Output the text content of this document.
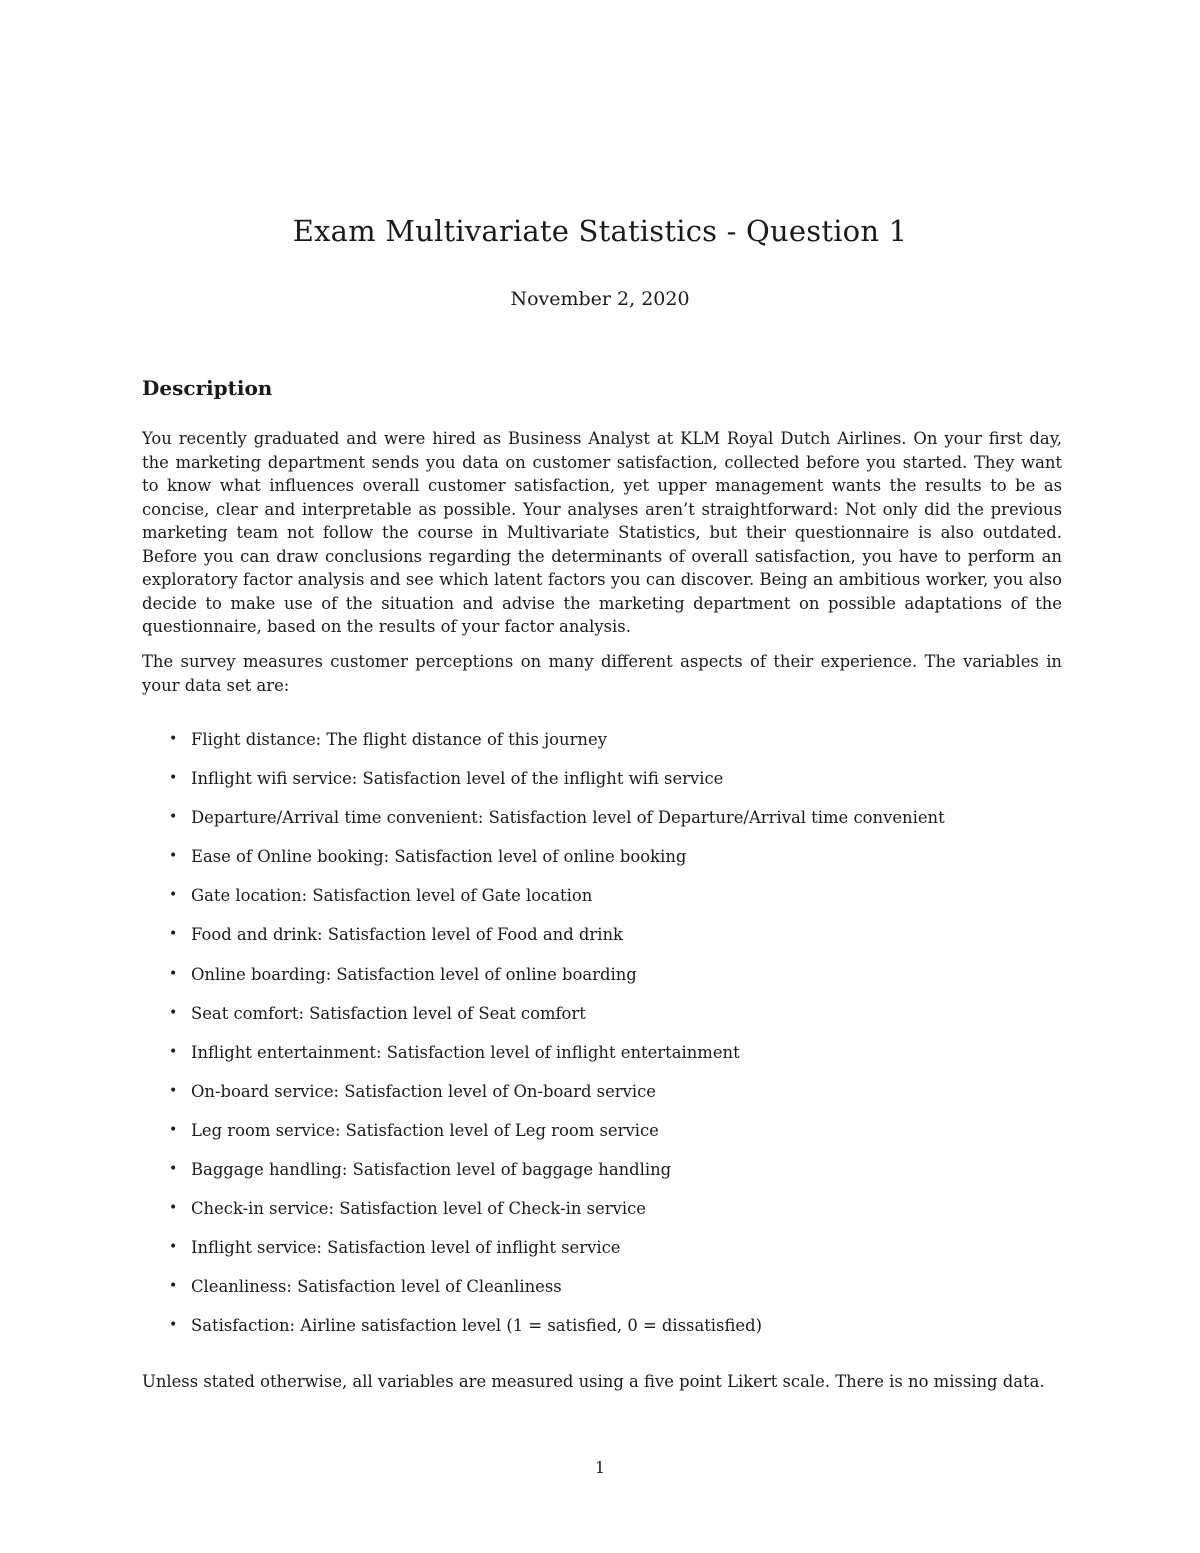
Exam Multivariate Statistics - Question 1

November 2, 2020

Description

You recently graduated and were hired as Business Analyst at KLM Royal Dutch Airlines. On your first day, the marketing department sends you data on customer satisfaction, collected before you started. They want to know what influences overall customer satisfaction, yet upper management wants the results to be as concise, clear and interpretable as possible. Your analyses aren’t straightforward: Not only did the previous marketing team not follow the course in Multivariate Statistics, but their questionnaire is also outdated. Before you can draw conclusions regarding the determinants of overall satisfaction, you have to perform an exploratory factor analysis and see which latent factors you can discover. Being an ambitious worker, you also decide to make use of the situation and advise the marketing department on possible adaptations of the questionnaire, based on the results of your factor analysis.

The survey measures customer perceptions on many different aspects of their experience. The variables in your data set are:

• Flight distance: The flight distance of this journey
• Inflight wifi service: Satisfaction level of the inflight wifi service
• Departure/Arrival time convenient: Satisfaction level of Departure/Arrival time convenient
• Ease of Online booking: Satisfaction level of online booking
• Gate location: Satisfaction level of Gate location
• Food and drink: Satisfaction level of Food and drink
• Online boarding: Satisfaction level of online boarding
• Seat comfort: Satisfaction level of Seat comfort
• Inflight entertainment: Satisfaction level of inflight entertainment
• On-board service: Satisfaction level of On-board service
• Leg room service: Satisfaction level of Leg room service
• Baggage handling: Satisfaction level of baggage handling
• Check-in service: Satisfaction level of Check-in service
• Inflight service: Satisfaction level of inflight service
• Cleanliness: Satisfaction level of Cleanliness
• Satisfaction: Airline satisfaction level (1 = satisfied, 0 = dissatisfied)

Unless stated otherwise, all variables are measured using a five point Likert scale. There is no missing data.

1
